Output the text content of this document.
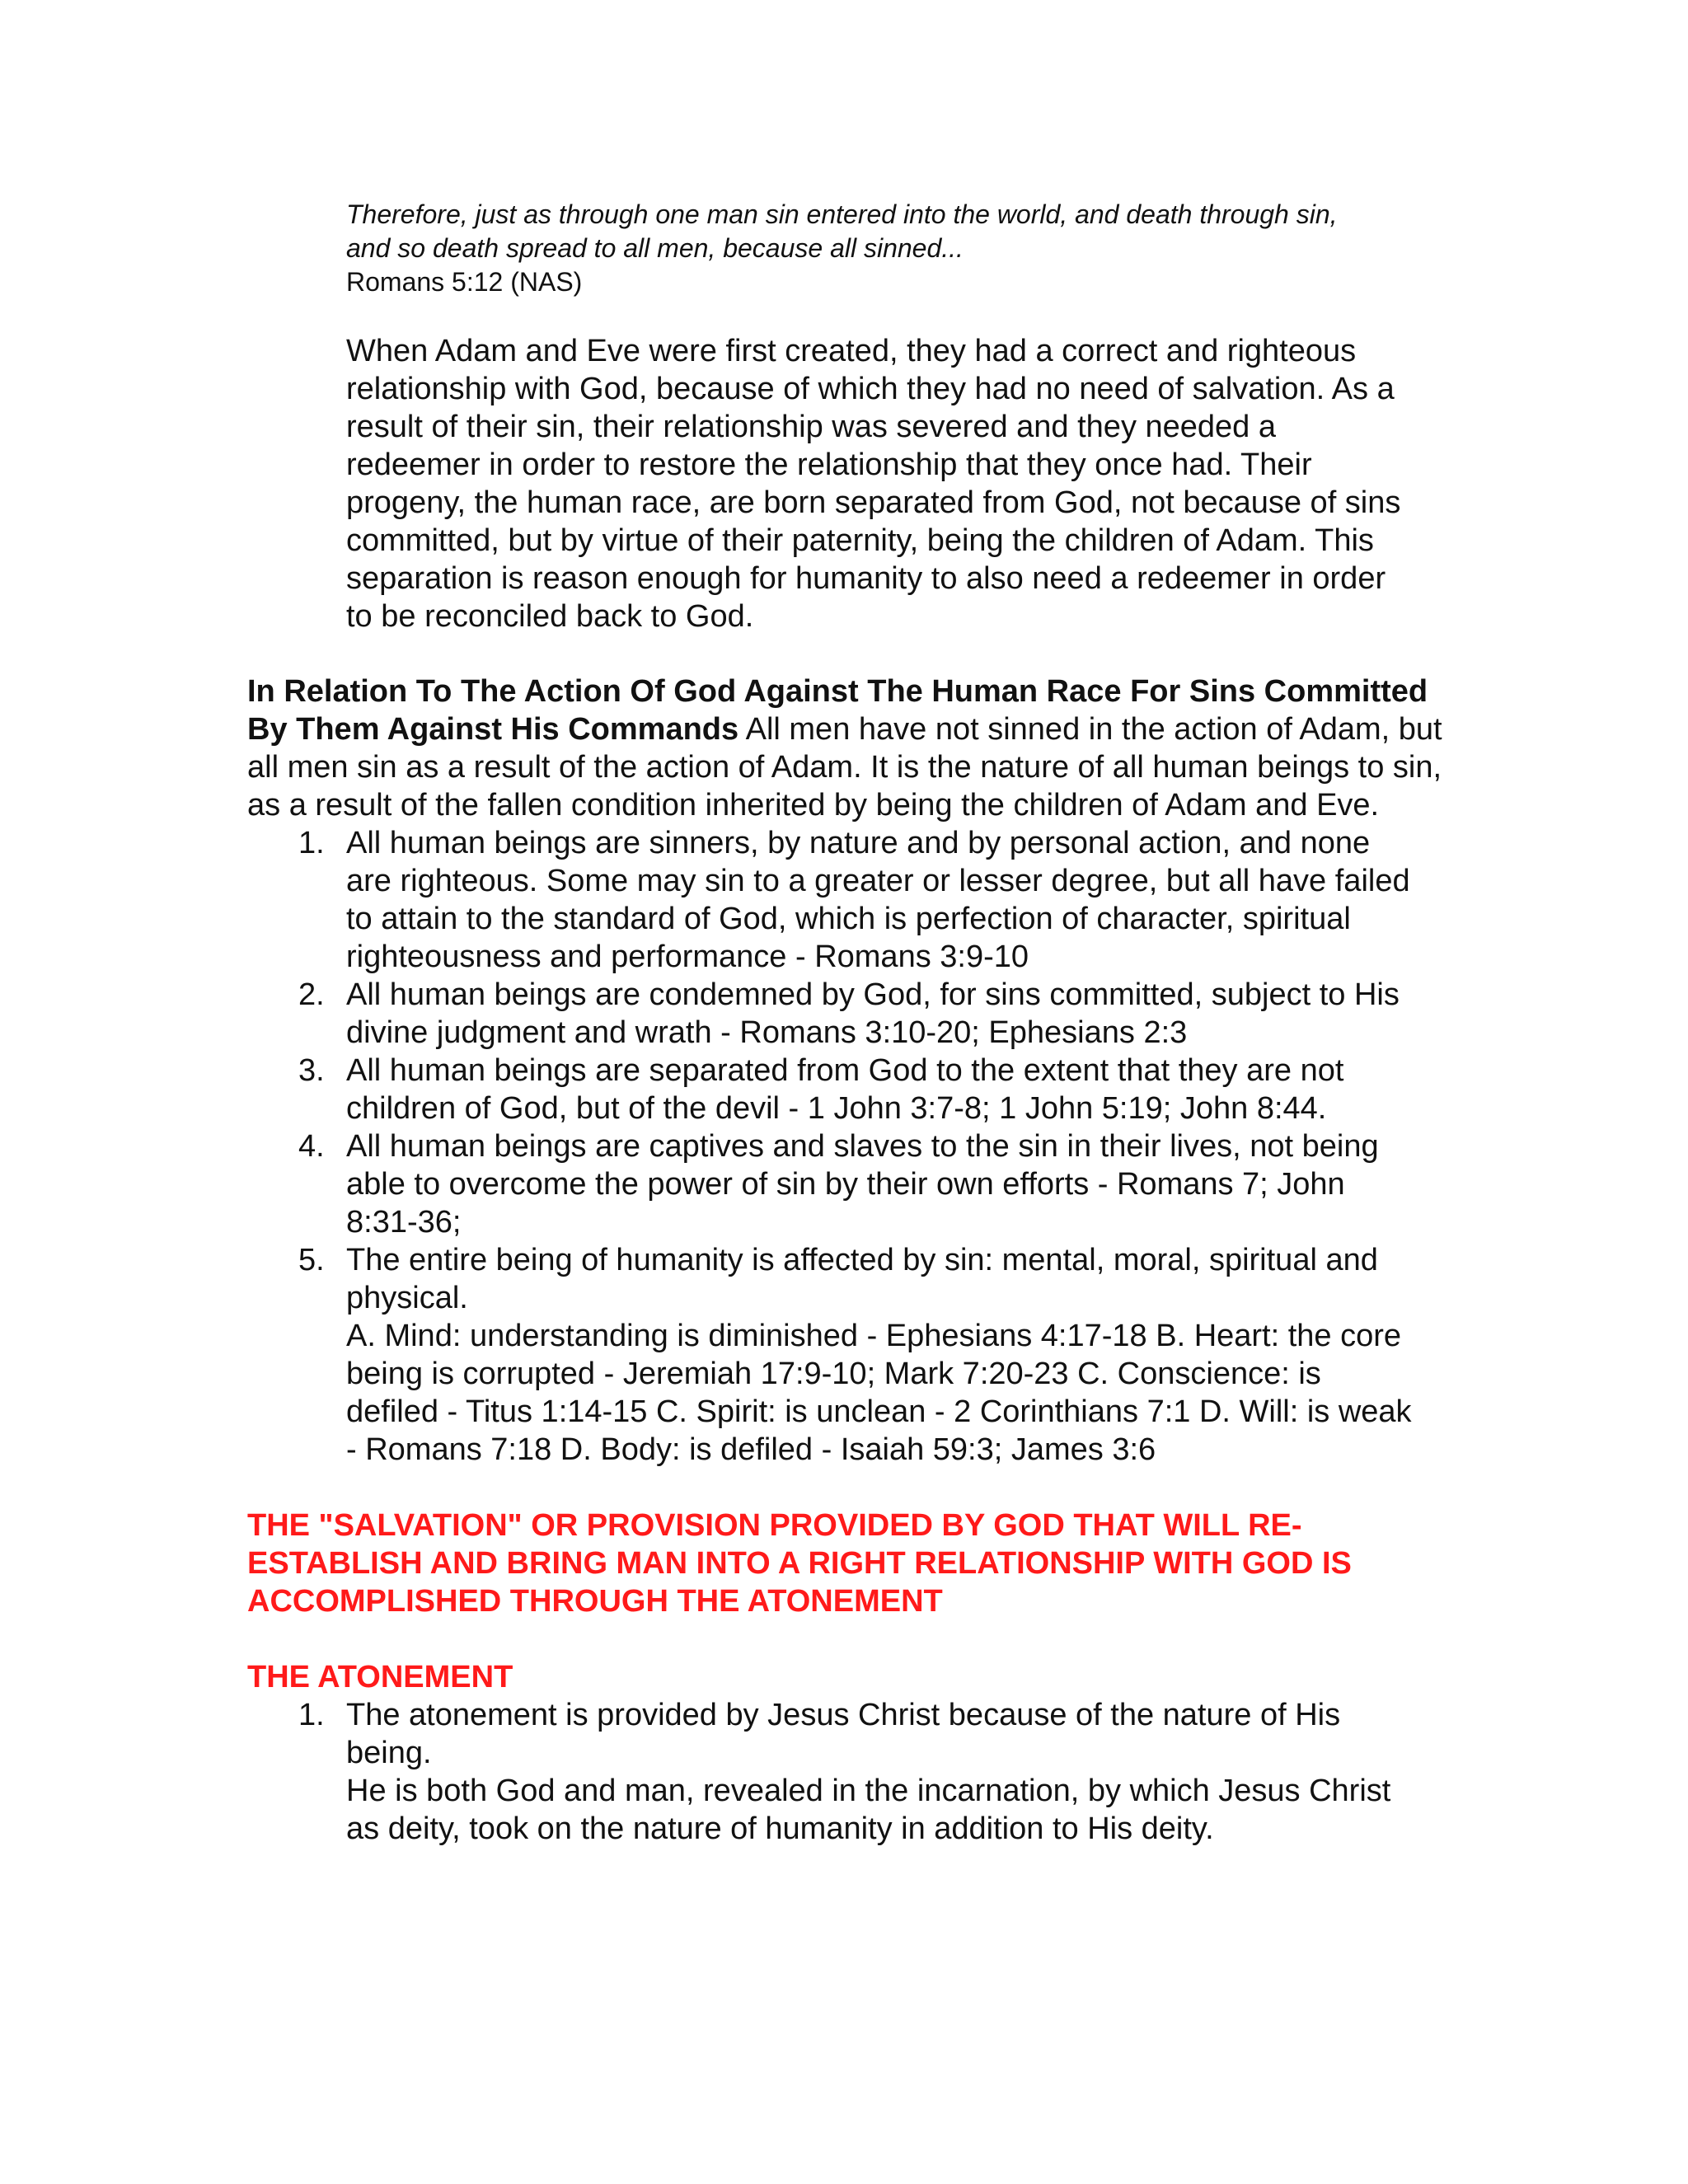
Therefore, just as through one man sin entered into the world, and death through sin,
and so death spread to all men, because all sinned...

Romans 5:12 (NAS)

When Adam and Eve were first created, they had a correct and righteous relationship with God, because of which they had no need of salvation. As a result of their sin, their relationship was severed and they needed a redeemer in order to restore the relationship that they once had. Their progeny, the human race, are born separated from God, not because of sins committed, but by virtue of their paternity, being the children of Adam. This separation is reason enough for humanity to also need a redeemer in order to be reconciled back to God.

In Relation To The Action Of God Against The Human Race For Sins Committed By Them Against His Commands All men have not sinned in the action of Adam, but all men sin as a result of the action of Adam. It is the nature of all human beings to sin, as a result of the fallen condition inherited by being the children of Adam and Eve.

1. All human beings are sinners, by nature and by personal action, and none are righteous. Some may sin to a greater or lesser degree, but all have failed to attain to the standard of God, which is perfection of character, spiritual righteousness and performance - Romans 3:9-10
2. All human beings are condemned by God, for sins committed, subject to His divine judgment and wrath - Romans 3:10-20; Ephesians 2:3
3. All human beings are separated from God to the extent that they are not children of God, but of the devil - 1 John 3:7-8; 1 John 5:19; John 8:44.
4. All human beings are captives and slaves to the sin in their lives, not being able to overcome the power of sin by their own efforts - Romans 7; John 8:31-36;
5. The entire being of humanity is affected by sin: mental, moral, spiritual and physical.
A. Mind: understanding is diminished - Ephesians 4:17-18 B. Heart: the core being is corrupted - Jeremiah 17:9-10; Mark 7:20-23 C. Conscience: is defiled - Titus 1:14-15 C. Spirit: is unclean - 2 Corinthians 7:1 D. Will: is weak - Romans 7:18 D. Body: is defiled - Isaiah 59:3; James 3:6

THE "SALVATION" OR PROVISION PROVIDED BY GOD THAT WILL RE-ESTABLISH AND BRING MAN INTO A RIGHT RELATIONSHIP WITH GOD IS ACCOMPLISHED THROUGH THE ATONEMENT

THE ATONEMENT

1. The atonement is provided by Jesus Christ because of the nature of His being.
He is both God and man, revealed in the incarnation, by which Jesus Christ as deity, took on the nature of humanity in addition to His deity.
